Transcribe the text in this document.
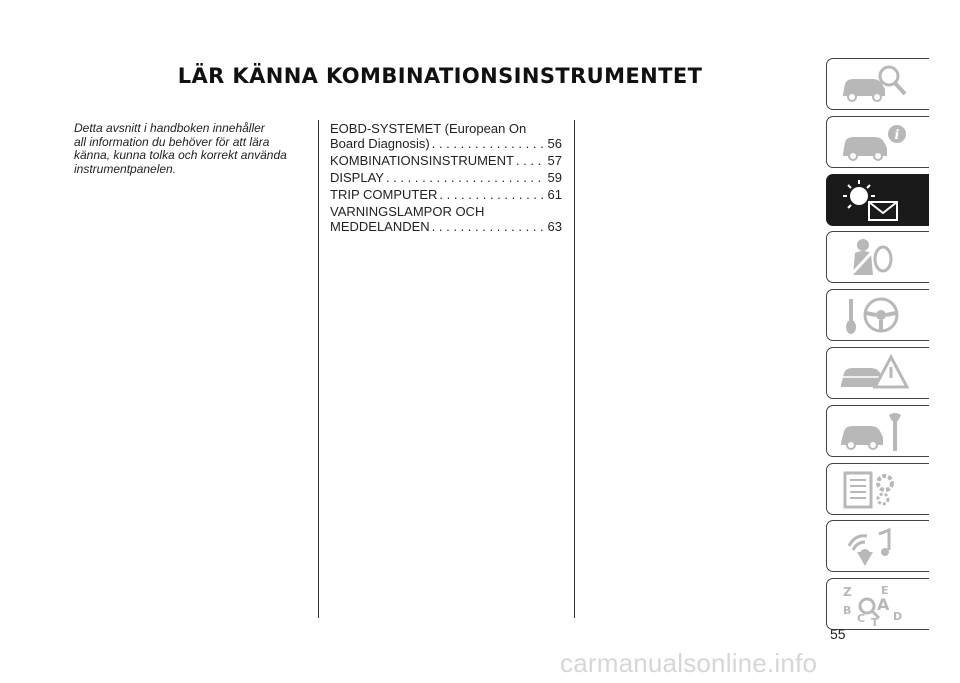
LÄR KÄNNA KOMBINATIONSINSTRUMENTET
Detta avsnitt i handboken innehåller
all information du behöver för att lära
känna, kunna tolka och korrekt använda
instrumentpanelen.
EOBD-SYSTEMET (European On
Board Diagnosis) . . .	56
KOMBINATIONSINSTRUMENT . . .	57
DISPLAY . . .	59
TRIP COMPUTER . . .	61
VARNINGSLAMPOR OCH
MEDDELANDEN . . .	63
i
Z	E
B A
C T D
55
carmanualsonline.info
